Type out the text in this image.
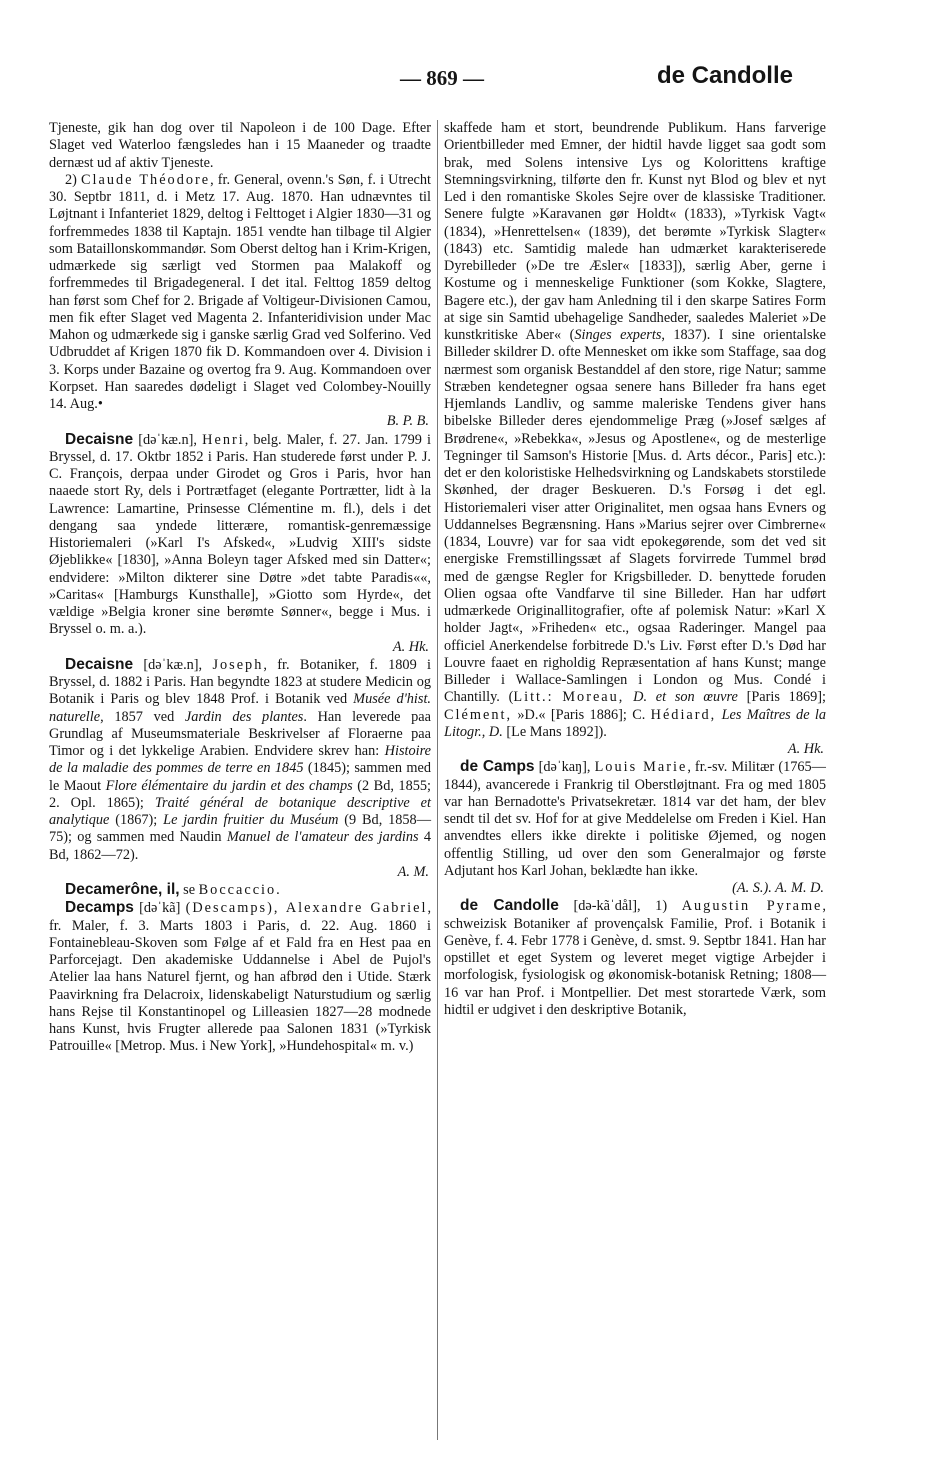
— 869 —	de Candolle

Tjeneste, gik han dog over til Napoleon i de 100 Dage. Efter Slaget ved Waterloo fængsledes han i 15 Maaneder og traadte dernæst ud af aktiv Tjeneste.

2) Claude Théodore, fr. General, ovenn.'s Søn, f. i Utrecht 30. Septbr 1811, d. i Metz 17. Aug. 1870. Han udnævntes til Løjtnant i Infanteriet 1829, deltog i Felttoget i Algier 1830—31 og forfremmedes 1838 til Kaptajn. 1851 vendte han tilbage til Algier som Bataillonskommandør. Som Oberst deltog han i Krim-Krigen, udmærkede sig særligt ved Stormen paa Malakoff og forfremmedes til Brigadegeneral. I det ital. Felttog 1859 deltog han først som Chef for 2. Brigade af Voltigeur-Divisionen Camou, men fik efter Slaget ved Magenta 2. Infanteridivision under Mac Mahon og udmærkede sig i ganske særlig Grad ved Solferino. Ved Udbruddet af Krigen 1870 fik D. Kommandoen over 4. Division i 3. Korps under Bazaine og overtog fra 9. Aug. Kommandoen over Korpset. Han saaredes dødeligt i Slaget ved Colombey-Nouilly 14. Aug.•
B. P. B.

Decaisne [dəˈkæ.n], Henri, belg. Maler, f. 27. Jan. 1799 i Bryssel, d. 17. Oktbr 1852 i Paris. Han studerede først under P. J. C. François, derpaa under Girodet og Gros i Paris, hvor han naaede stort Ry, dels i Portrætfaget (elegante Portrætter, lidt à la Lawrence: Lamartine, Prinsesse Clémentine m. fl.), dels i det dengang saa yndede litterære, romantisk-genremæssige Historiemaleri (»Karl I's Afsked«, »Ludvig XIII's sidste Øjeblikke« [1830], »Anna Boleyn tager Afsked med sin Datter«; endvidere: »Milton dikterer sine Døtre »det tabte Paradis««, »Caritas« [Hamburgs Kunsthalle], »Giotto som Hyrde«, det vældige »Belgia kroner sine berømte Sønner«, begge i Mus. i Bryssel o. m. a.).
A. Hk.

Decaisne [dəˈkæ.n], Joseph, fr. Botaniker, f. 1809 i Bryssel, d. 1882 i Paris. Han begyndte 1823 at studere Medicin og Botanik i Paris og blev 1848 Prof. i Botanik ved Musée d'hist. naturelle, 1857 ved Jardin des plantes. Han leverede paa Grundlag af Museumsmateriale Beskrivelser af Floraerne paa Timor og i det lykkelige Arabien. Endvidere skrev han: Histoire de la maladie des pommes de terre en 1845 (1845); sammen med le Maout Flore élémentaire du jardin et des champs (2 Bd, 1855; 2. Opl. 1865); Traité général de botanique descriptive et analytique (1867); Le jardin fruitier du Muséum (9 Bd, 1858—75); og sammen med Naudin Manuel de l'amateur des jardins 4 Bd, 1862—72).
A. M.

Decamerône, il, se Boccaccio.

Decamps [dəˈkã] (Descamps), Alexandre Gabriel, fr. Maler, f. 3. Marts 1803 i Paris, d. 22. Aug. 1860 i Fontainebleau-Skoven som Følge af et Fald fra en Hest paa en Parforcejagt. Den akademiske Uddannelse i Abel de Pujol's Atelier laa hans Naturel fjernt, og han afbrød den i Utide. Stærk Paavirkning fra Delacroix, lidenskabeligt Naturstudium og særlig hans Rejse til Konstantinopel og Lilleasien 1827—28 modnede hans Kunst, hvis Frugter allerede paa Salonen 1831 (»Tyrkisk Patrouille« [Metrop. Mus. i New York], »Hundehospital« m. v.)

skaffede ham et stort, beundrende Publikum. Hans farverige Orientbilleder med Emner, der hidtil havde ligget saa godt som brak, med Solens intensive Lys og Kolorittens kraftige Stemningsvirkning, tilførte den fr. Kunst nyt Blod og blev et nyt Led i den romantiske Skoles Sejre over de klassiske Traditioner. Senere fulgte »Karavanen gør Holdt« (1833), »Tyrkisk Vagt« (1834), »Henrettelsen« (1839), det berømte »Tyrkisk Slagter« (1843) etc. Samtidig malede han udmærket karakteriserede Dyrebilleder (»De tre Æsler« [1833]), særlig Aber, gerne i Kostume og i menneskelige Funktioner (som Kokke, Slagtere, Bagere etc.), der gav ham Anledning til i den skarpe Satires Form at sige sin Samtid ubehagelige Sandheder, saaledes Maleriet »De kunstkritiske Aber« (Singes experts, 1837). I sine orientalske Billeder skildrer D. ofte Mennesket om ikke som Staffage, saa dog nærmest som organisk Bestanddel af den store, rige Natur; samme Stræben kendetegner ogsaa senere hans Billeder fra hans eget Hjemlands Landliv, og samme maleriske Tendens giver hans bibelske Billeder deres ejendommelige Præg (»Josef sælges af Brødrene«, »Rebekka«, »Jesus og Apostlene«, og de mesterlige Tegninger til Samson's Historie [Mus. d. Arts décor., Paris] etc.): det er den koloristiske Helhedsvirkning og Landskabets storstilede Skønhed, der drager Beskueren. D.'s Forsøg i det egl. Historiemaleri viser atter Originalitet, men ogsaa hans Evners og Uddannelses Begrænsning. Hans »Marius sejrer over Cimbrerne« (1834, Louvre) var for saa vidt epokegørende, som det ved sit energiske Fremstillingssæt af Slagets forvirrede Tummel brød med de gængse Regler for Krigsbilleder. D. benyttede foruden Olien ogsaa ofte Vandfarve til sine Billeder. Han har udført udmærkede Originallitografier, ofte af polemisk Natur: »Karl X holder Jagt«, »Friheden« etc., ogsaa Raderinger. Mangel paa officiel Anerkendelse forbitrede D.'s Liv. Først efter D.'s Død har Louvre faaet en righoldig Repræsentation af hans Kunst; mange Billeder i Wallace-Samlingen i London og Mus. Condé i Chantilly. (Litt.: Moreau, D. et son œuvre [Paris 1869]; Clément, »D.« [Paris 1886]; C. Hédiard, Les Maîtres de la Litogr., D. [Le Mans 1892]).
A. Hk.

de Camps [dəˈkaŋ], Louis Marie, fr.-sv. Militær (1765—1844), avancerede i Frankrig til Oberstløjtnant. Fra og med 1805 var han Bernadotte's Privatsekretær. 1814 var det ham, der blev sendt til det sv. Hof for at give Meddelelse om Freden i Kiel. Han anvendtes ellers ikke direkte i politiske Øjemed, og nogen offentlig Stilling, ud over den som Generalmajor og første Adjutant hos Karl Johan, beklædte han ikke.
(A. S.). A. M. D.

de Candolle [də-kãˈdål], 1) Augustin Pyrame, schweizisk Botaniker af provençalsk Familie, Prof. i Botanik i Genève, f. 4. Febr 1778 i Genève, d. smst. 9. Septbr 1841. Han har opstillet et eget System og leveret meget vigtige Arbejder i morfologisk, fysiologisk og økonomisk-botanisk Retning; 1808—16 var han Prof. i Montpellier. Det mest storartede Værk, som hidtil er udgivet i den deskriptive Botanik,
